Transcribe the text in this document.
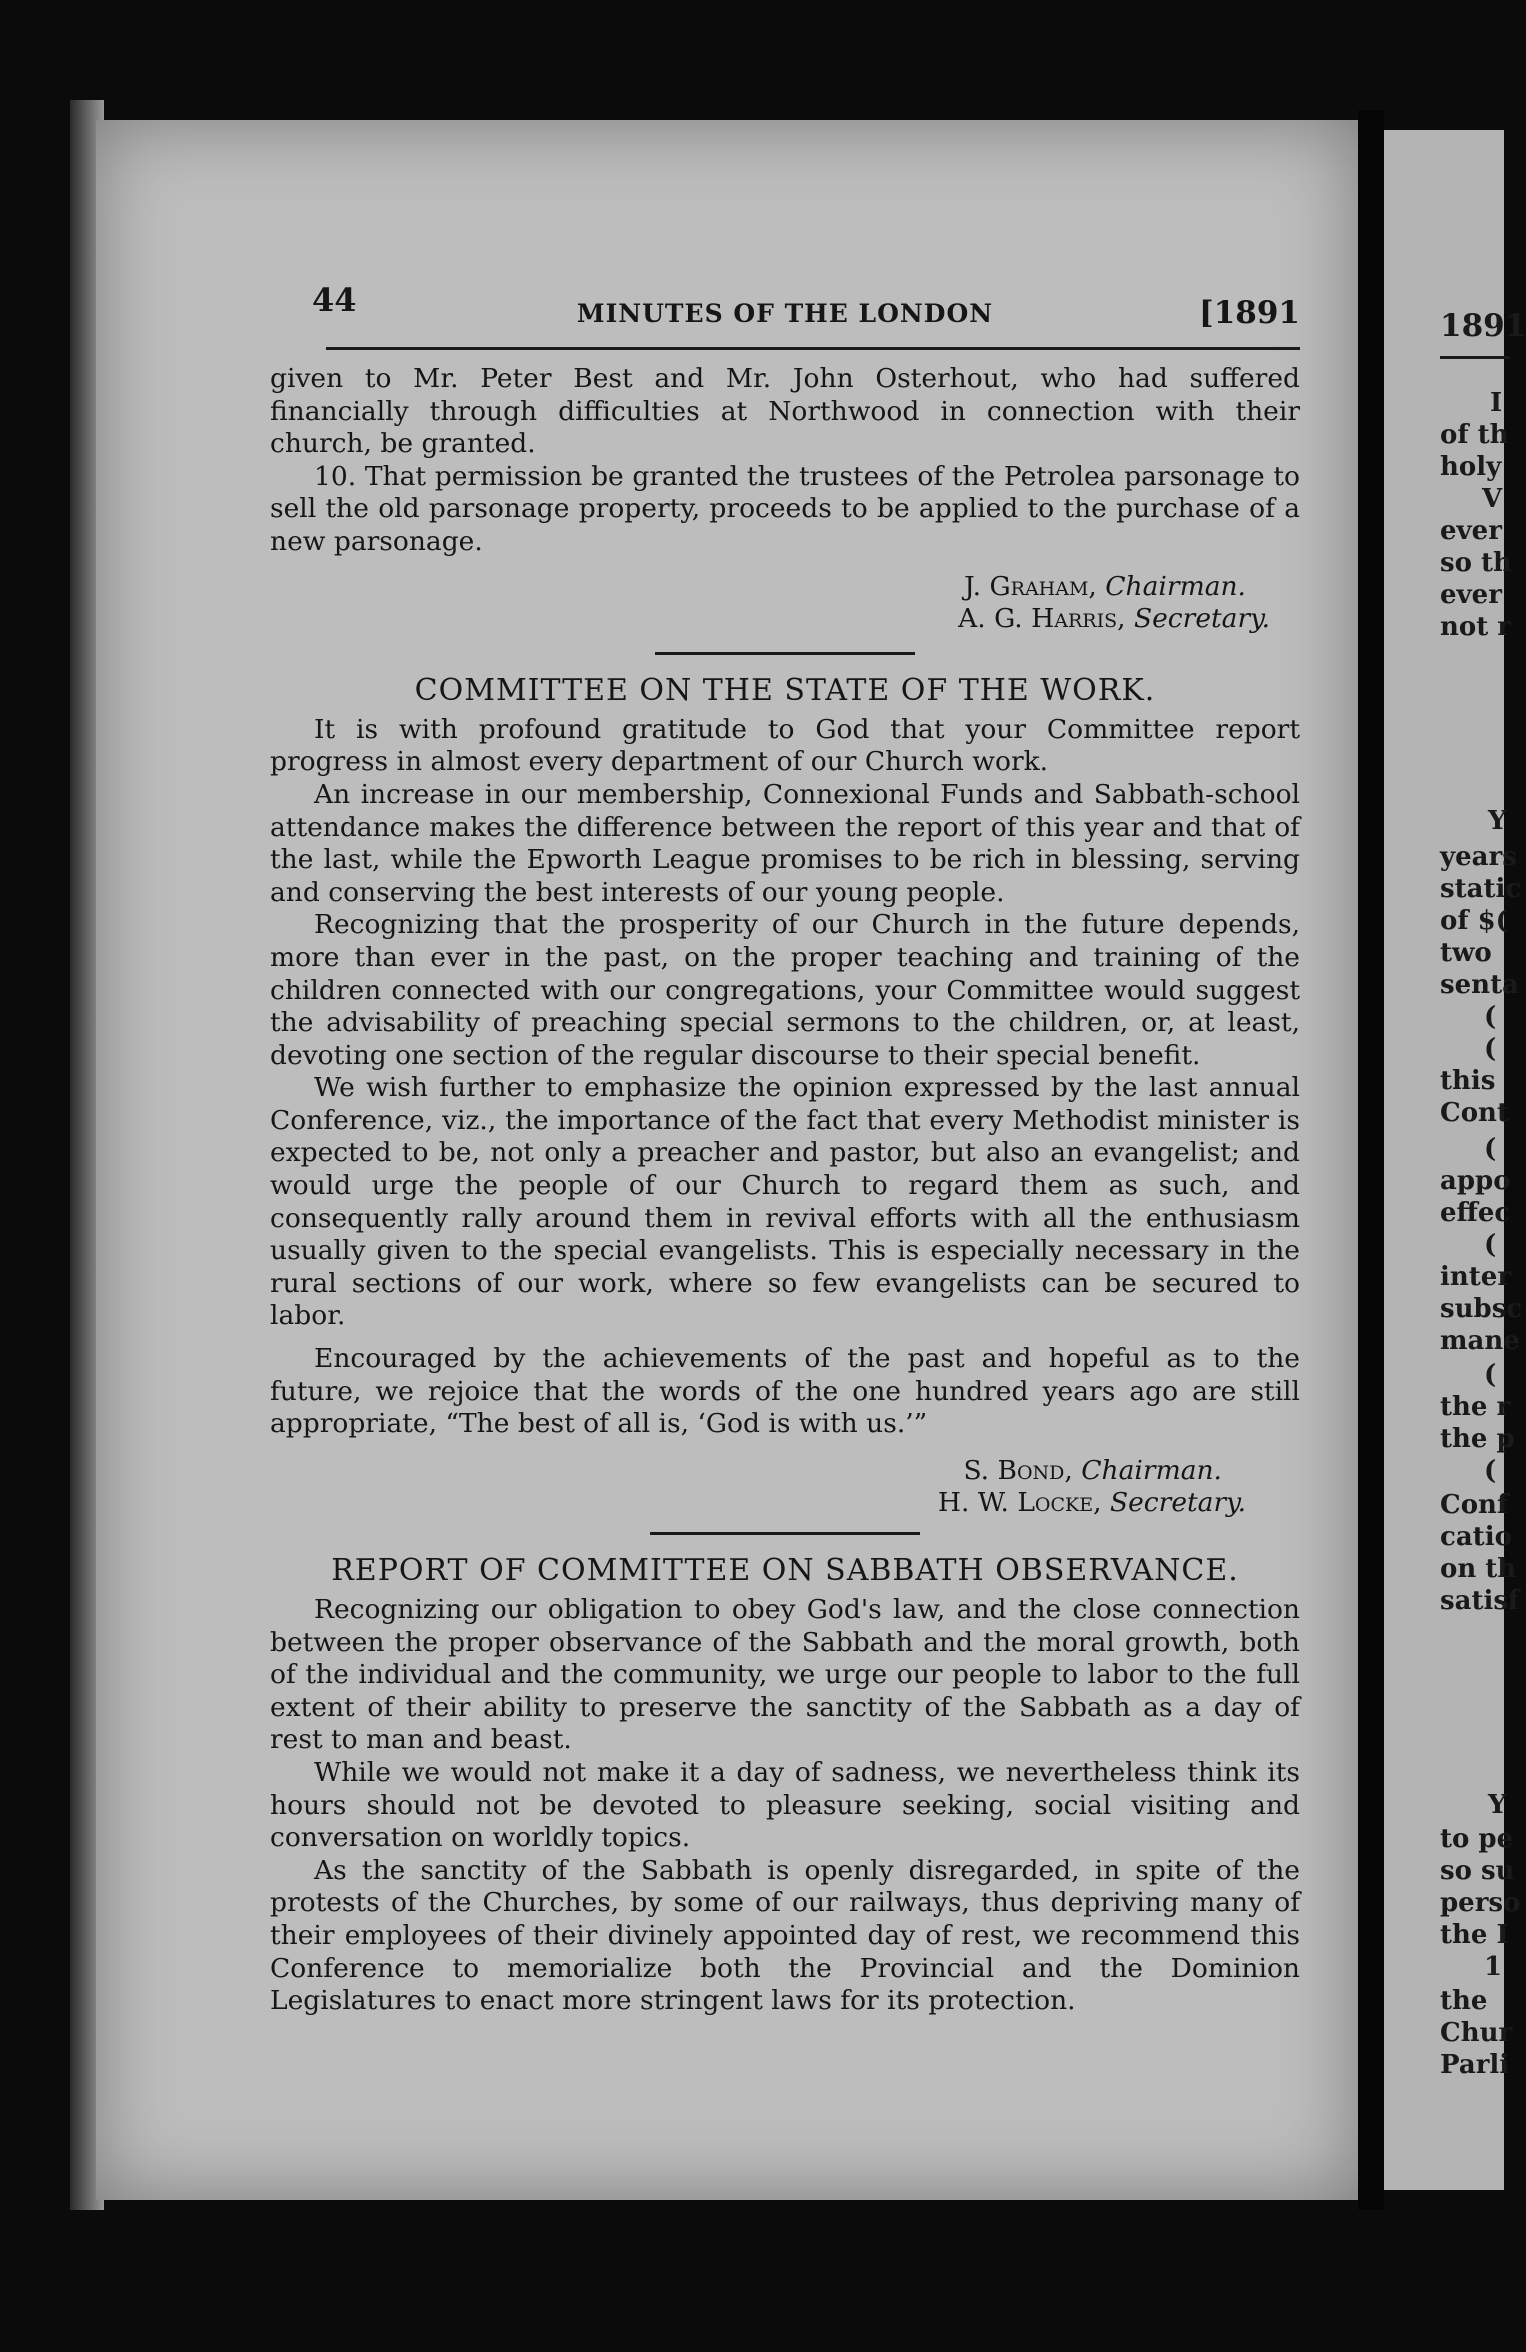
1891
I
of th
holy
V
ever
so th
ever
not r
Y
years
static
of $(
two
senta
(
(
this
Cont
(
appo
effec
(
inter
subsc
mane
(
the r
the p
(
Conf
catio
on th
satisf
Y
to pe
so su
perso
the I
1
the
Chur
Parli
44	MINUTES OF THE LONDON	[1891

given to Mr. Peter Best and Mr. John Osterhout, who had suffered financially through difficulties at Northwood in connection with their church, be granted.

10. That permission be granted the trustees of the Petrolea parsonage to sell the old parsonage property, proceeds to be applied to the purchase of a new parsonage.

J. Graham, Chairman.
A. G. Harris, Secretary.
COMMITTEE ON THE STATE OF THE WORK.

It is with profound gratitude to God that your Committee report progress in almost every department of our Church work.

An increase in our membership, Connexional Funds and Sabbath-school attendance makes the difference between the report of this year and that of the last, while the Epworth League promises to be rich in blessing, serving and conserving the best interests of our young people.

Recognizing that the prosperity of our Church in the future depends, more than ever in the past, on the proper teaching and training of the children connected with our congregations, your Committee would suggest the advisability of preaching special sermons to the children, or, at least, devoting one section of the regular discourse to their special benefit.

We wish further to emphasize the opinion expressed by the last annual Conference, viz., the importance of the fact that every Methodist minister is expected to be, not only a preacher and pastor, but also an evangelist; and would urge the people of our Church to regard them as such, and consequently rally around them in revival efforts with all the enthusiasm usually given to the special evangelists. This is especially necessary in the rural sections of our work, where so few evangelists can be secured to labor.

Encouraged by the achievements of the past and hopeful as to the future, we rejoice that the words of the one hundred years ago are still appropriate, “The best of all is, ‘God is with us.’”

S. Bond, Chairman.
H. W. Locke, Secretary.
REPORT OF COMMITTEE ON SABBATH OBSERVANCE.

Recognizing our obligation to obey God's law, and the close connection between the proper observance of the Sabbath and the moral growth, both of the individual and the community, we urge our people to labor to the full extent of their ability to preserve the sanctity of the Sabbath as a day of rest to man and beast.

While we would not make it a day of sadness, we nevertheless think its hours should not be devoted to pleasure seeking, social visiting and conversation on worldly topics.

As the sanctity of the Sabbath is openly disregarded, in spite of the protests of the Churches, by some of our railways, thus depriving many of their employees of their divinely appointed day of rest, we recommend this Conference to memorialize both the Provincial and the Dominion Legislatures to enact more stringent laws for its protection.
